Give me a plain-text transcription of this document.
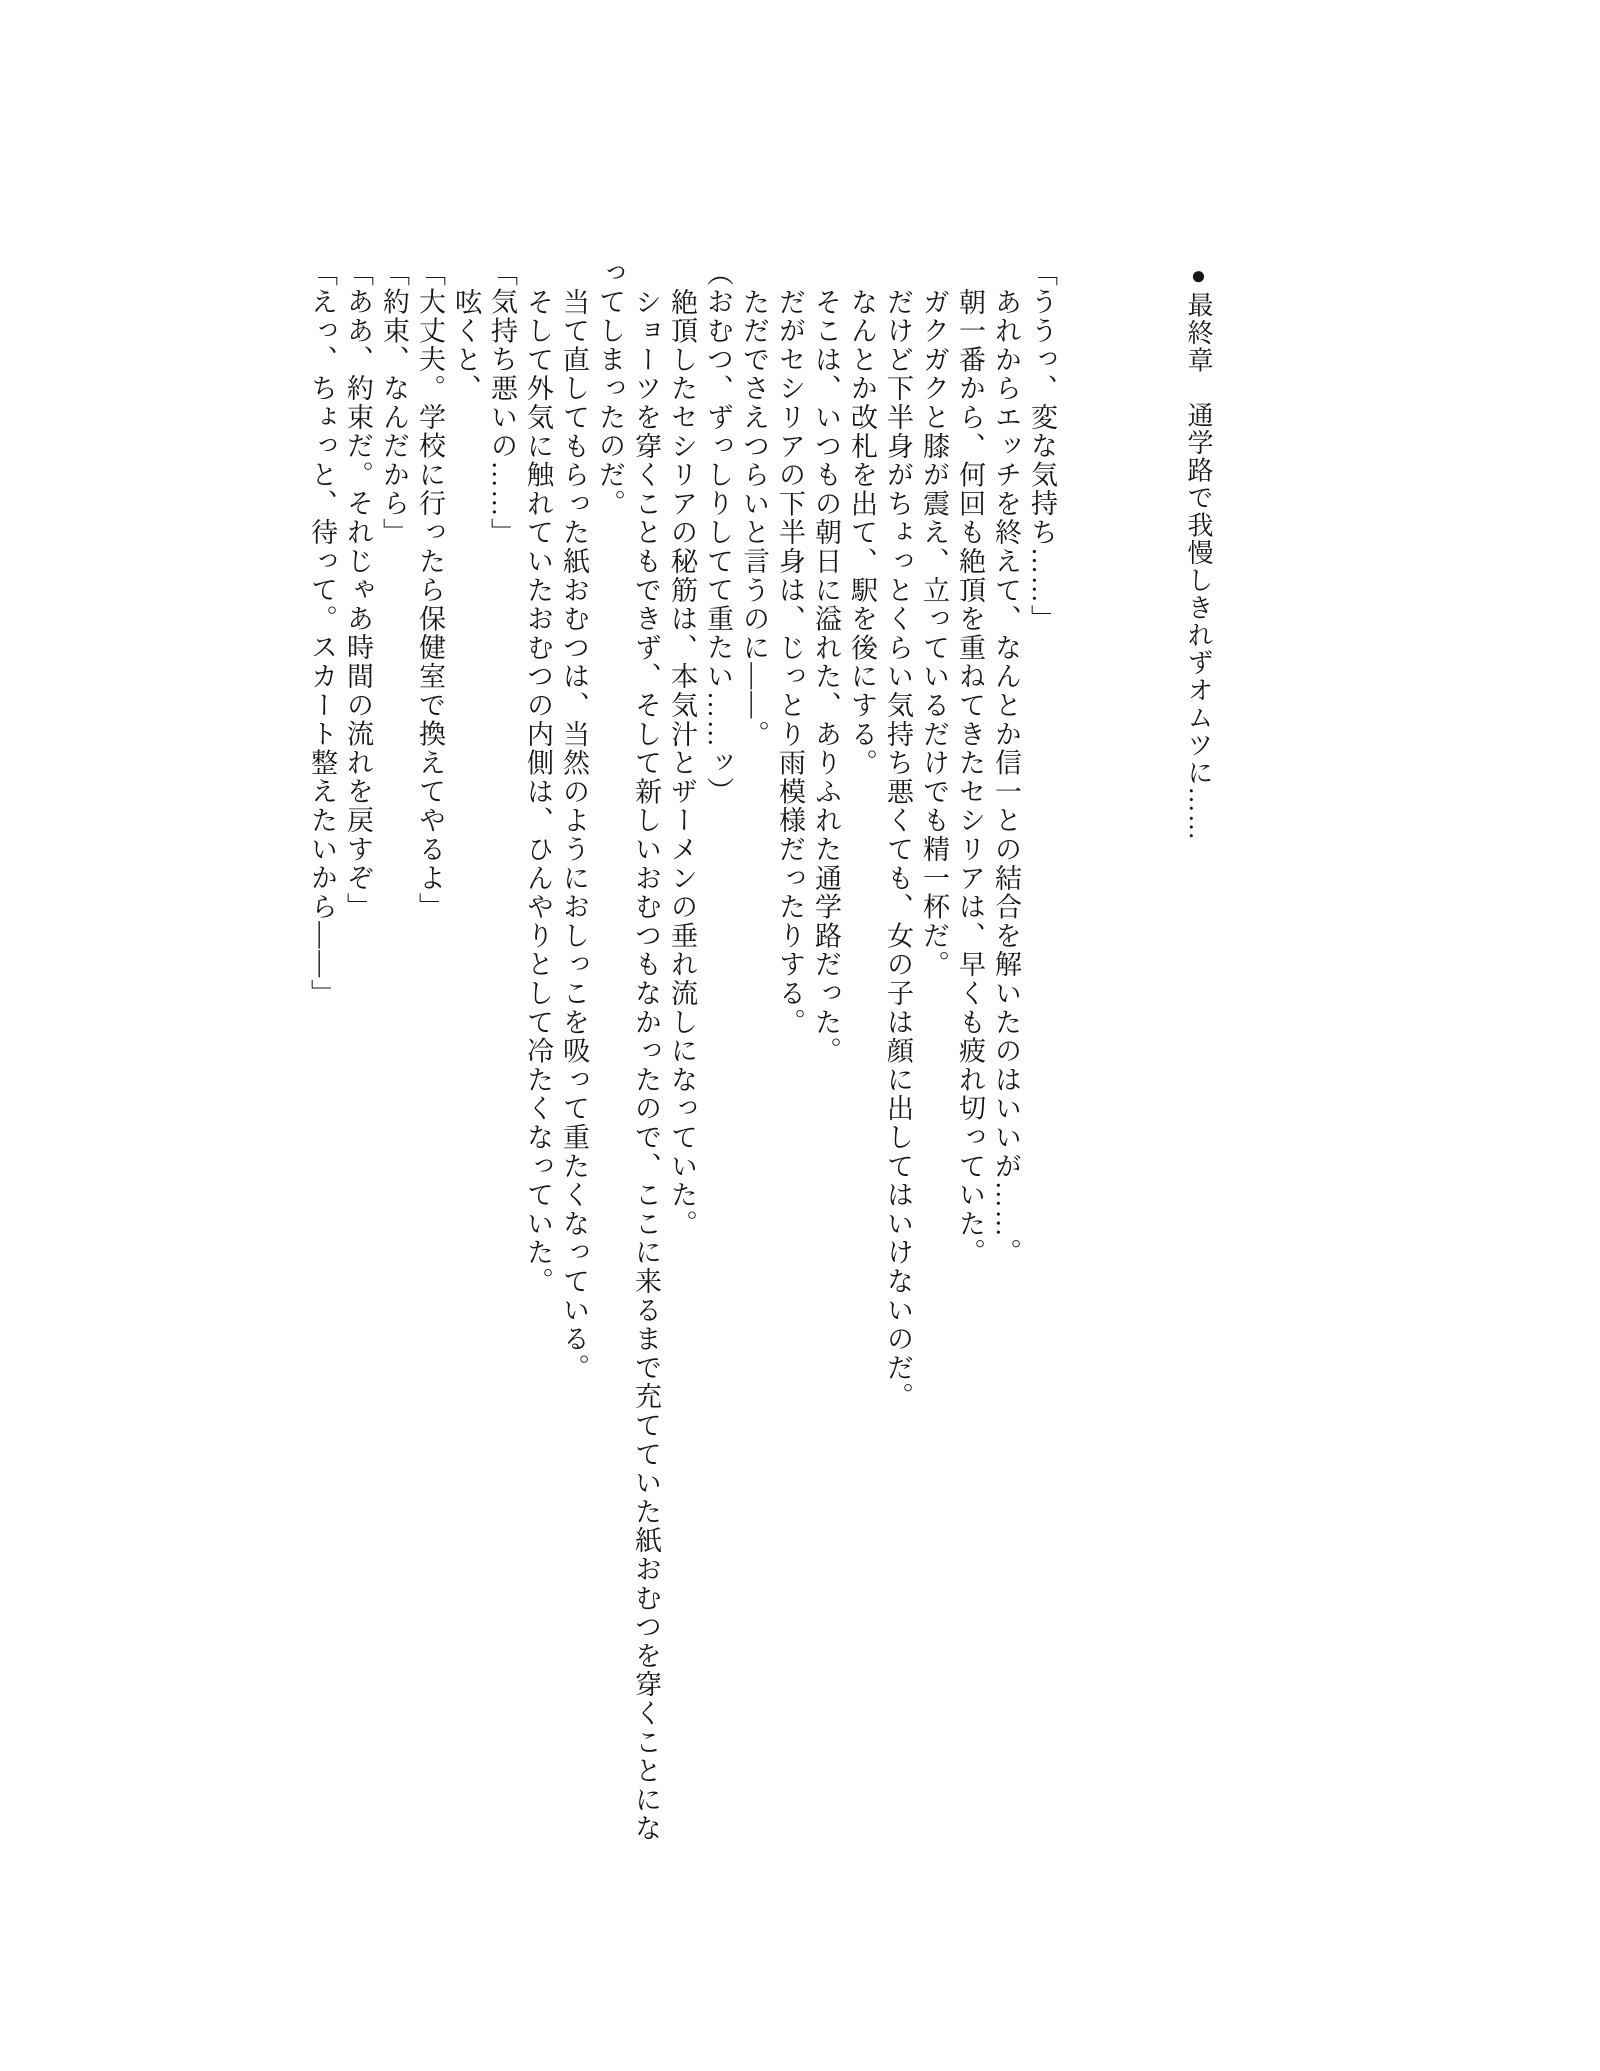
●最終章　通学路で我慢しきれずオムツに……

「ううっ、変な気持ち……」

あれからエッチを終えて、なんとか信一との結合を解いたのはいいが……。

朝一番から、何回も絶頂を重ねてきたセシリアは、早くも疲れ切っていた。

ガクガクと膝が震え、立っているだけでも精一杯だ。

だけど下半身がちょっとくらい気持ち悪くても、女の子は顔に出してはいけないのだ。

なんとか改札を出て、駅を後にする。

そこは、いつもの朝日に溢れた、ありふれた通学路だった。

だがセシリアの下半身は、じっとり雨模様だったりする。

ただでさえつらいと言うのに――。

（おむつ、ずっしりしてて重たい……ッ）

絶頂したセシリアの秘筋は、本気汁とザーメンの垂れ流しになっていた。

ショーツを穿くこともできず、そして新しいおむつもなかったので、ここに来るまで充てていた紙おむつを穿くことになってしまったのだ。

当て直してもらった紙おむつは、当然のようにおしっこを吸って重たくなっている。

そして外気に触れていたおむつの内側は、ひんやりとして冷たくなっていた。

「気持ち悪いの……」

呟くと、

「大丈夫。学校に行ったら保健室で換えてやるよ」

「約束、なんだから」

「ああ、約束だ。それじゃあ時間の流れを戻すぞ」

「えっ、ちょっと、待って。スカート整えたいから――」
